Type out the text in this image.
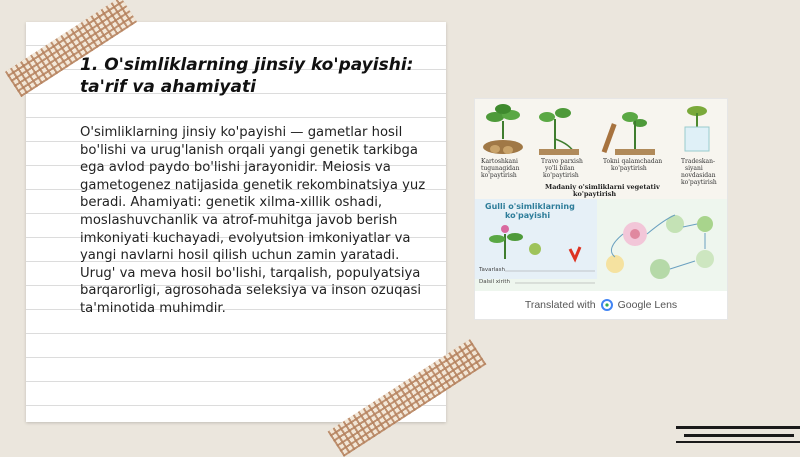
1. O'simliklarning jinsiy ko'payishi: ta'rif va ahamiyati

O'simliklarning jinsiy ko'payishi — gametlar hosil bo'lishi va urug'lanish orqali yangi genetik tarkibga ega avlod paydo bo'lishi jarayonidir. Meiosis va gametogenez natijasida genetik rekombinatsiya yuz beradi. Ahamiyati: genetik xilma-xillik oshadi, moslashuvchanlik va atrof-muhitga javob berish imkoniyati kuchayadi, evolyutsion imkoniyatlar va yangi navlarni hosil qilish uchun zamin yaratadi. Urug' va meva hosil bo'lishi, tarqalish, populyatsiya barqarorligi, agrosohada seleksiya va inson ozuqasi ta'minotida muhimdir.

Kartoshkani
tugunagidan
ko'paytirish
Travo parxish
yo'li bilan
ko'paytirish
Tokni qalamchadan
ko'paytirish
Tradeskan-
siyani
novdasidan
ko'paytirish
Madaniy o'simliklarni vegetativ
ko'paytirish
Gulli o'simliklarning
ko'payishi
Tavarlash
Dalsil xirith
Translated with Google Lens
